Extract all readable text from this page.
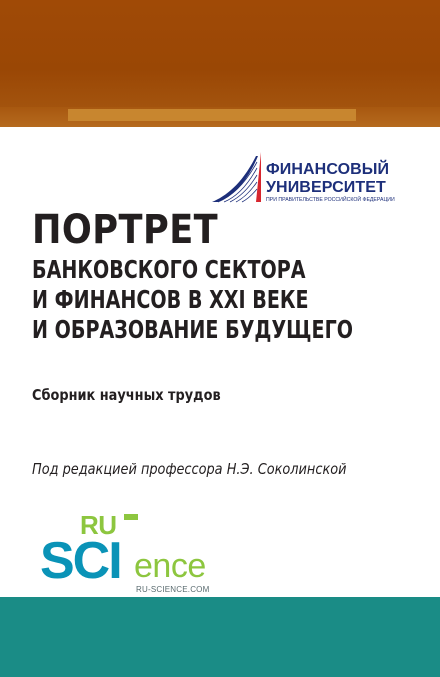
ФИНАНСОВЫЙ
УНИВЕРСИТЕТ
ПРИ ПРАВИТЕЛЬСТВЕ РОССИЙСКОЙ ФЕДЕРАЦИИ
ПОРТРЕТ
БАНКОВСКОГО СЕКТОРА
И ФИНАНСОВ В XXI ВЕКЕ
И ОБРАЗОВАНИЕ БУДУЩЕГО
Сборник научных трудов
Под редакцией профессора Н.Э. Соколинской
RU
SCI ence
RU-SCIENCE.COM
